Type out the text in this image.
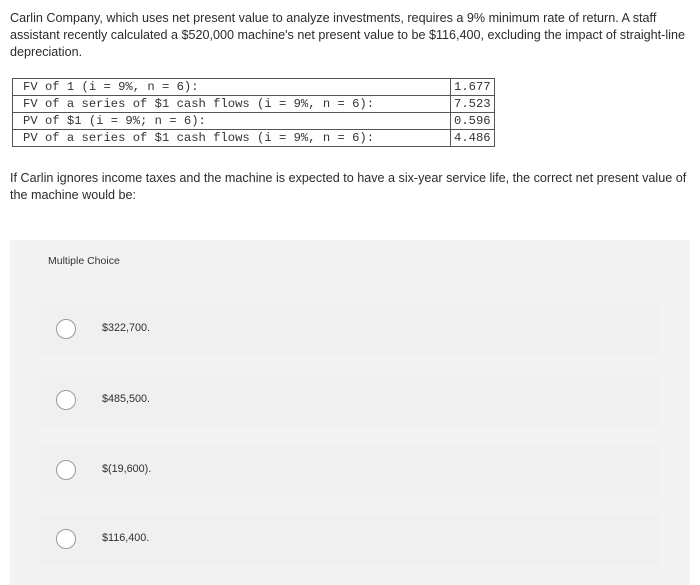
Carlin Company, which uses net present value to analyze investments, requires a 9% minimum rate of return. A staff assistant recently calculated a $520,000 machine's net present value to be $116,400, excluding the impact of straight-line depreciation.
FV of 1 (i = 9%, n = 6):	1.677
FV of a series of $1 cash flows (i = 9%, n = 6):	7.523
PV of $1 (i = 9%; n = 6):	0.596
PV of a series of $1 cash flows (i = 9%, n = 6):	4.486
If Carlin ignores income taxes and the machine is expected to have a six-year service life, the correct net present value of the machine would be:
Multiple Choice
$322,700.
$485,500.
$(19,600).
$116,400.
